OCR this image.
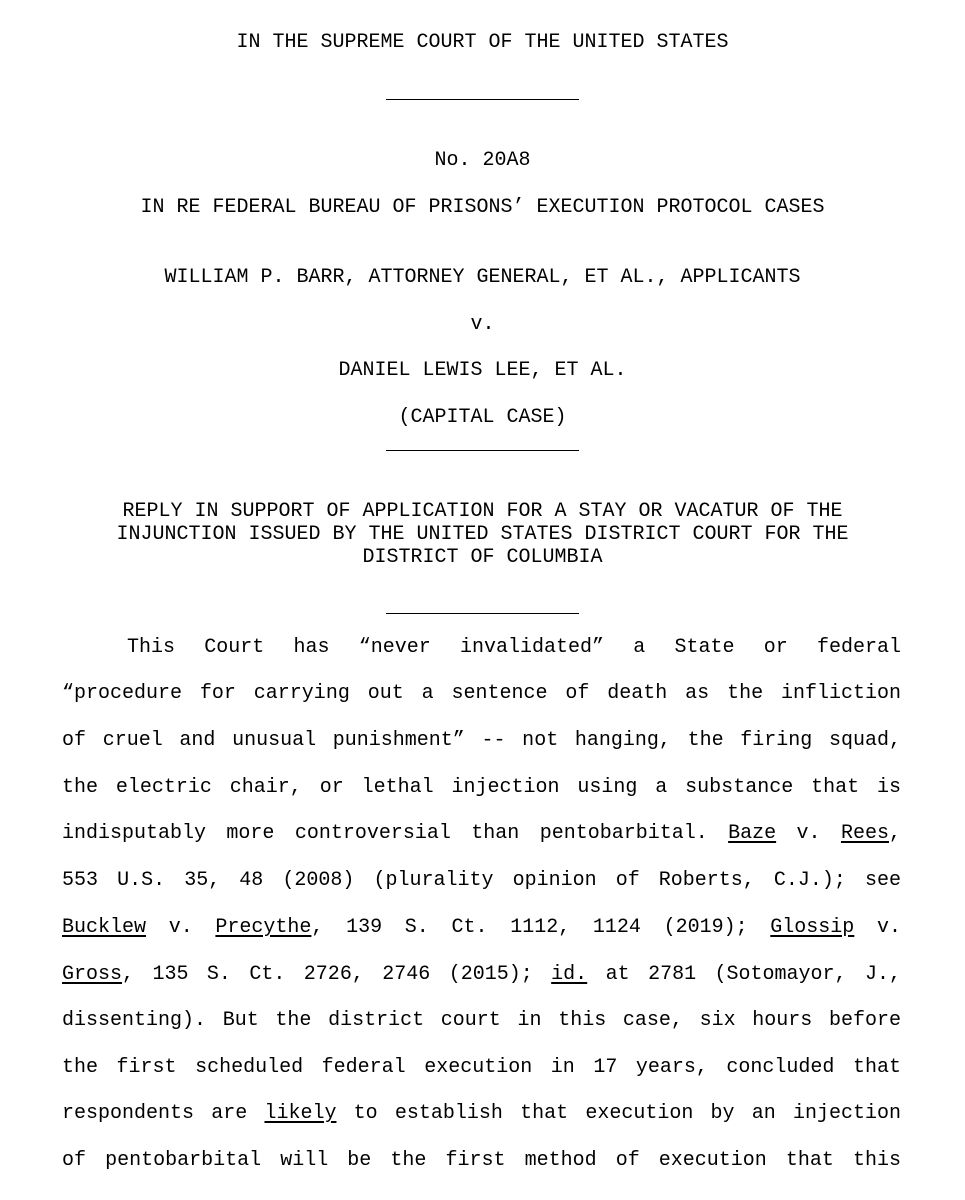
IN THE SUPREME COURT OF THE UNITED STATES
No. 20A8
IN RE FEDERAL BUREAU OF PRISONS’ EXECUTION PROTOCOL CASES
WILLIAM P. BARR, ATTORNEY GENERAL, ET AL., APPLICANTS
v.
DANIEL LEWIS LEE, ET AL.
(CAPITAL CASE)
REPLY IN SUPPORT OF APPLICATION FOR A STAY OR VACATUR OF THE
INJUNCTION ISSUED BY THE UNITED STATES DISTRICT COURT FOR THE
DISTRICT OF COLUMBIA
This Court has “never invalidated” a State or federal
“procedure for carrying out a sentence of death as the infliction
of cruel and unusual punishment” -- not hanging, the firing squad,
the electric chair, or lethal injection using a substance that is
indisputably more controversial than pentobarbital. Baze v. Rees,
553 U.S. 35, 48 (2008) (plurality opinion of Roberts, C.J.); see
Bucklew v. Precythe, 139 S. Ct. 1112, 1124 (2019); Glossip v.
Gross, 135 S. Ct. 2726, 2746 (2015); id. at 2781 (Sotomayor, J.,
dissenting). But the district court in this case, six hours before
the first scheduled federal execution in 17 years, concluded that
respondents are likely to establish that execution by an injection
of pentobarbital will be the first method of execution that this
